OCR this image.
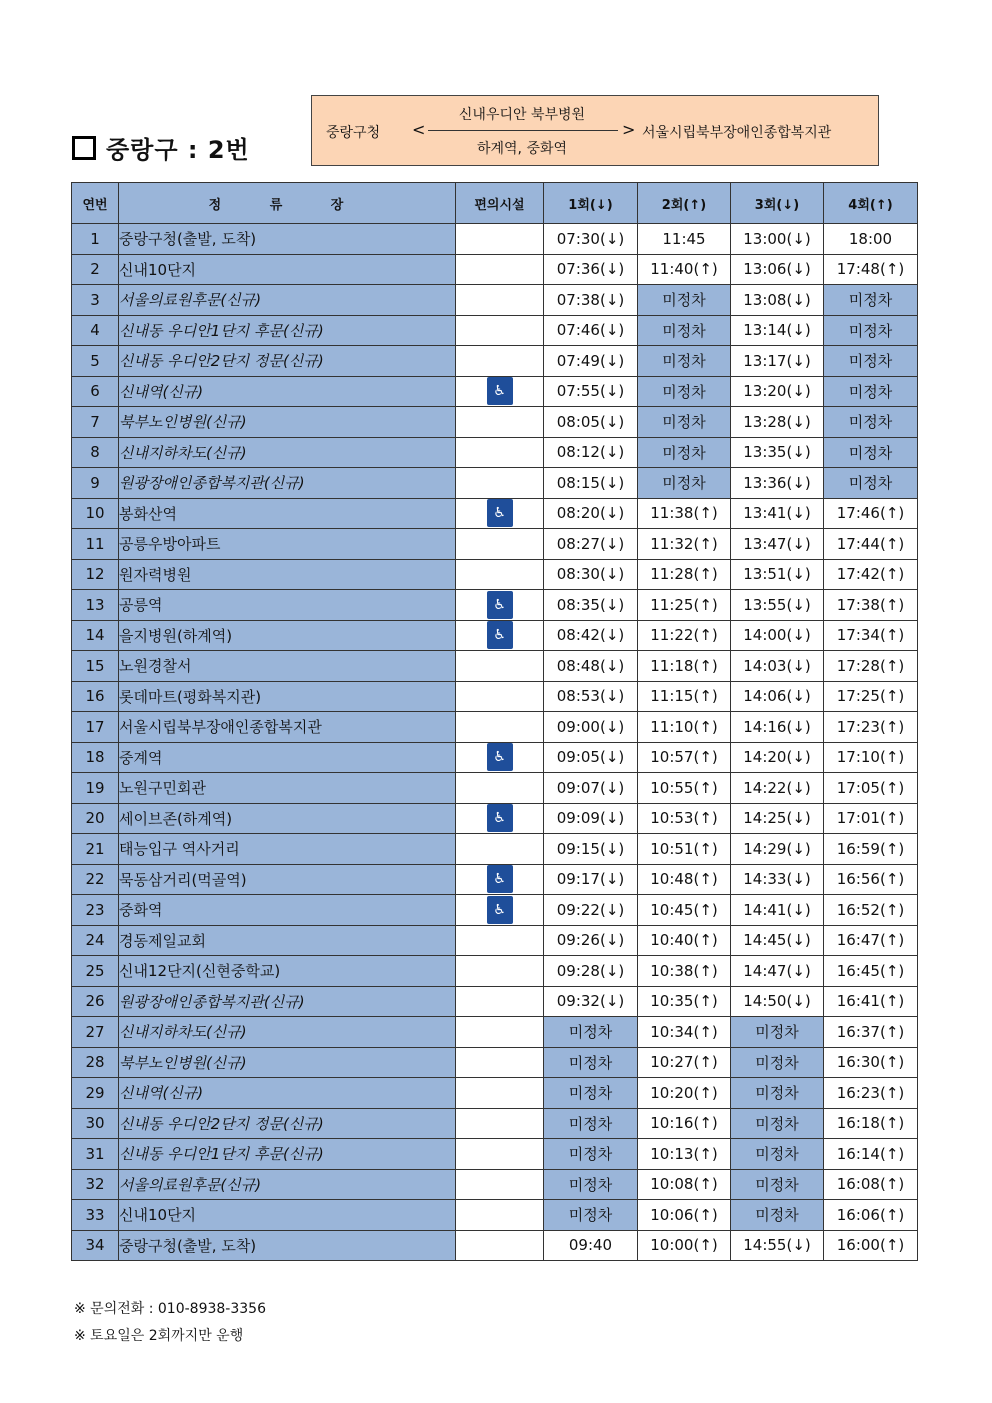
중랑구 : 2번
중랑구청 <
신내우디안 북부병원
하계역, 중화역
> 서울시립북부장애인종합복지관
연번	정 류 장	편의시설	1회(↓)	2회(↑)	3회(↓)	4회(↑)
1	중랑구청(출발, 도착)		07:30(↓)	11:45	13:00(↓)	18:00
2	신내10단지		07:36(↓)	11:40(↑)	13:06(↓)	17:48(↑)
3	서울의료원후문(신규)		07:38(↓)	미정차	13:08(↓)	미정차
4	신내동 우디안1단지 후문(신규)		07:46(↓)	미정차	13:14(↓)	미정차
5	신내동 우디안2단지 정문(신규)		07:49(↓)	미정차	13:17(↓)	미정차
6	신내역(신규)	♿	07:55(↓)	미정차	13:20(↓)	미정차
7	북부노인병원(신규)		08:05(↓)	미정차	13:28(↓)	미정차
8	신내지하차도(신규)		08:12(↓)	미정차	13:35(↓)	미정차
9	원광장애인종합복지관(신규)		08:15(↓)	미정차	13:36(↓)	미정차
10	봉화산역	♿	08:20(↓)	11:38(↑)	13:41(↓)	17:46(↑)
11	공릉우방아파트		08:27(↓)	11:32(↑)	13:47(↓)	17:44(↑)
12	원자력병원		08:30(↓)	11:28(↑)	13:51(↓)	17:42(↑)
13	공릉역	♿	08:35(↓)	11:25(↑)	13:55(↓)	17:38(↑)
14	을지병원(하계역)	♿	08:42(↓)	11:22(↑)	14:00(↓)	17:34(↑)
15	노원경찰서		08:48(↓)	11:18(↑)	14:03(↓)	17:28(↑)
16	롯데마트(평화복지관)		08:53(↓)	11:15(↑)	14:06(↓)	17:25(↑)
17	서울시립북부장애인종합복지관		09:00(↓)	11:10(↑)	14:16(↓)	17:23(↑)
18	중계역	♿	09:05(↓)	10:57(↑)	14:20(↓)	17:10(↑)
19	노원구민회관		09:07(↓)	10:55(↑)	14:22(↓)	17:05(↑)
20	세이브존(하계역)	♿	09:09(↓)	10:53(↑)	14:25(↓)	17:01(↑)
21	태능입구 역사거리		09:15(↓)	10:51(↑)	14:29(↓)	16:59(↑)
22	묵동삼거리(먹골역)	♿	09:17(↓)	10:48(↑)	14:33(↓)	16:56(↑)
23	중화역	♿	09:22(↓)	10:45(↑)	14:41(↓)	16:52(↑)
24	경동제일교회		09:26(↓)	10:40(↑)	14:45(↓)	16:47(↑)
25	신내12단지(신현중학교)		09:28(↓)	10:38(↑)	14:47(↓)	16:45(↑)
26	원광장애인종합복지관(신규)		09:32(↓)	10:35(↑)	14:50(↓)	16:41(↑)
27	신내지하차도(신규)		미정차	10:34(↑)	미정차	16:37(↑)
28	북부노인병원(신규)		미정차	10:27(↑)	미정차	16:30(↑)
29	신내역(신규)		미정차	10:20(↑)	미정차	16:23(↑)
30	신내동 우디안2단지 정문(신규)		미정차	10:16(↑)	미정차	16:18(↑)
31	신내동 우디안1단지 후문(신규)		미정차	10:13(↑)	미정차	16:14(↑)
32	서울의료원후문(신규)		미정차	10:08(↑)	미정차	16:08(↑)
33	신내10단지		미정차	10:06(↑)	미정차	16:06(↑)
34	중랑구청(출발, 도착)		09:40	10:00(↑)	14:55(↓)	16:00(↑)
※ 문의전화 : 010-8938-3356
※ 토요일은 2회까지만 운행
